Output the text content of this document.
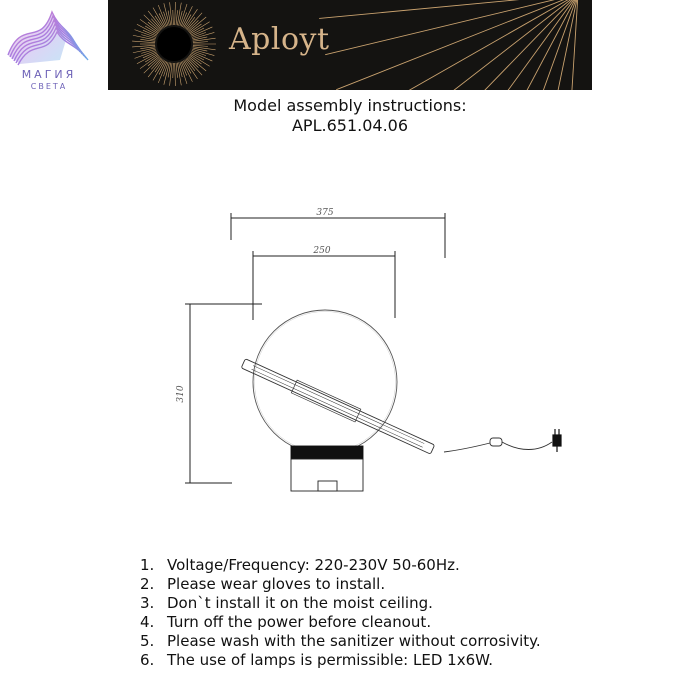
МАГИЯ
СВЕТА
Aployt
Model assembly instructions:
APL.651.04.06
375
250
310
1. Voltage/Frequency: 220-230V 50-60Hz.
2. Please wear gloves to install.
3. Don`t install it on the moist ceiling.
4. Turn off the power before cleanout.
5. Please wash with the sanitizer without corrosivity.
6. The use of lamps is permissible: LED 1x6W.
